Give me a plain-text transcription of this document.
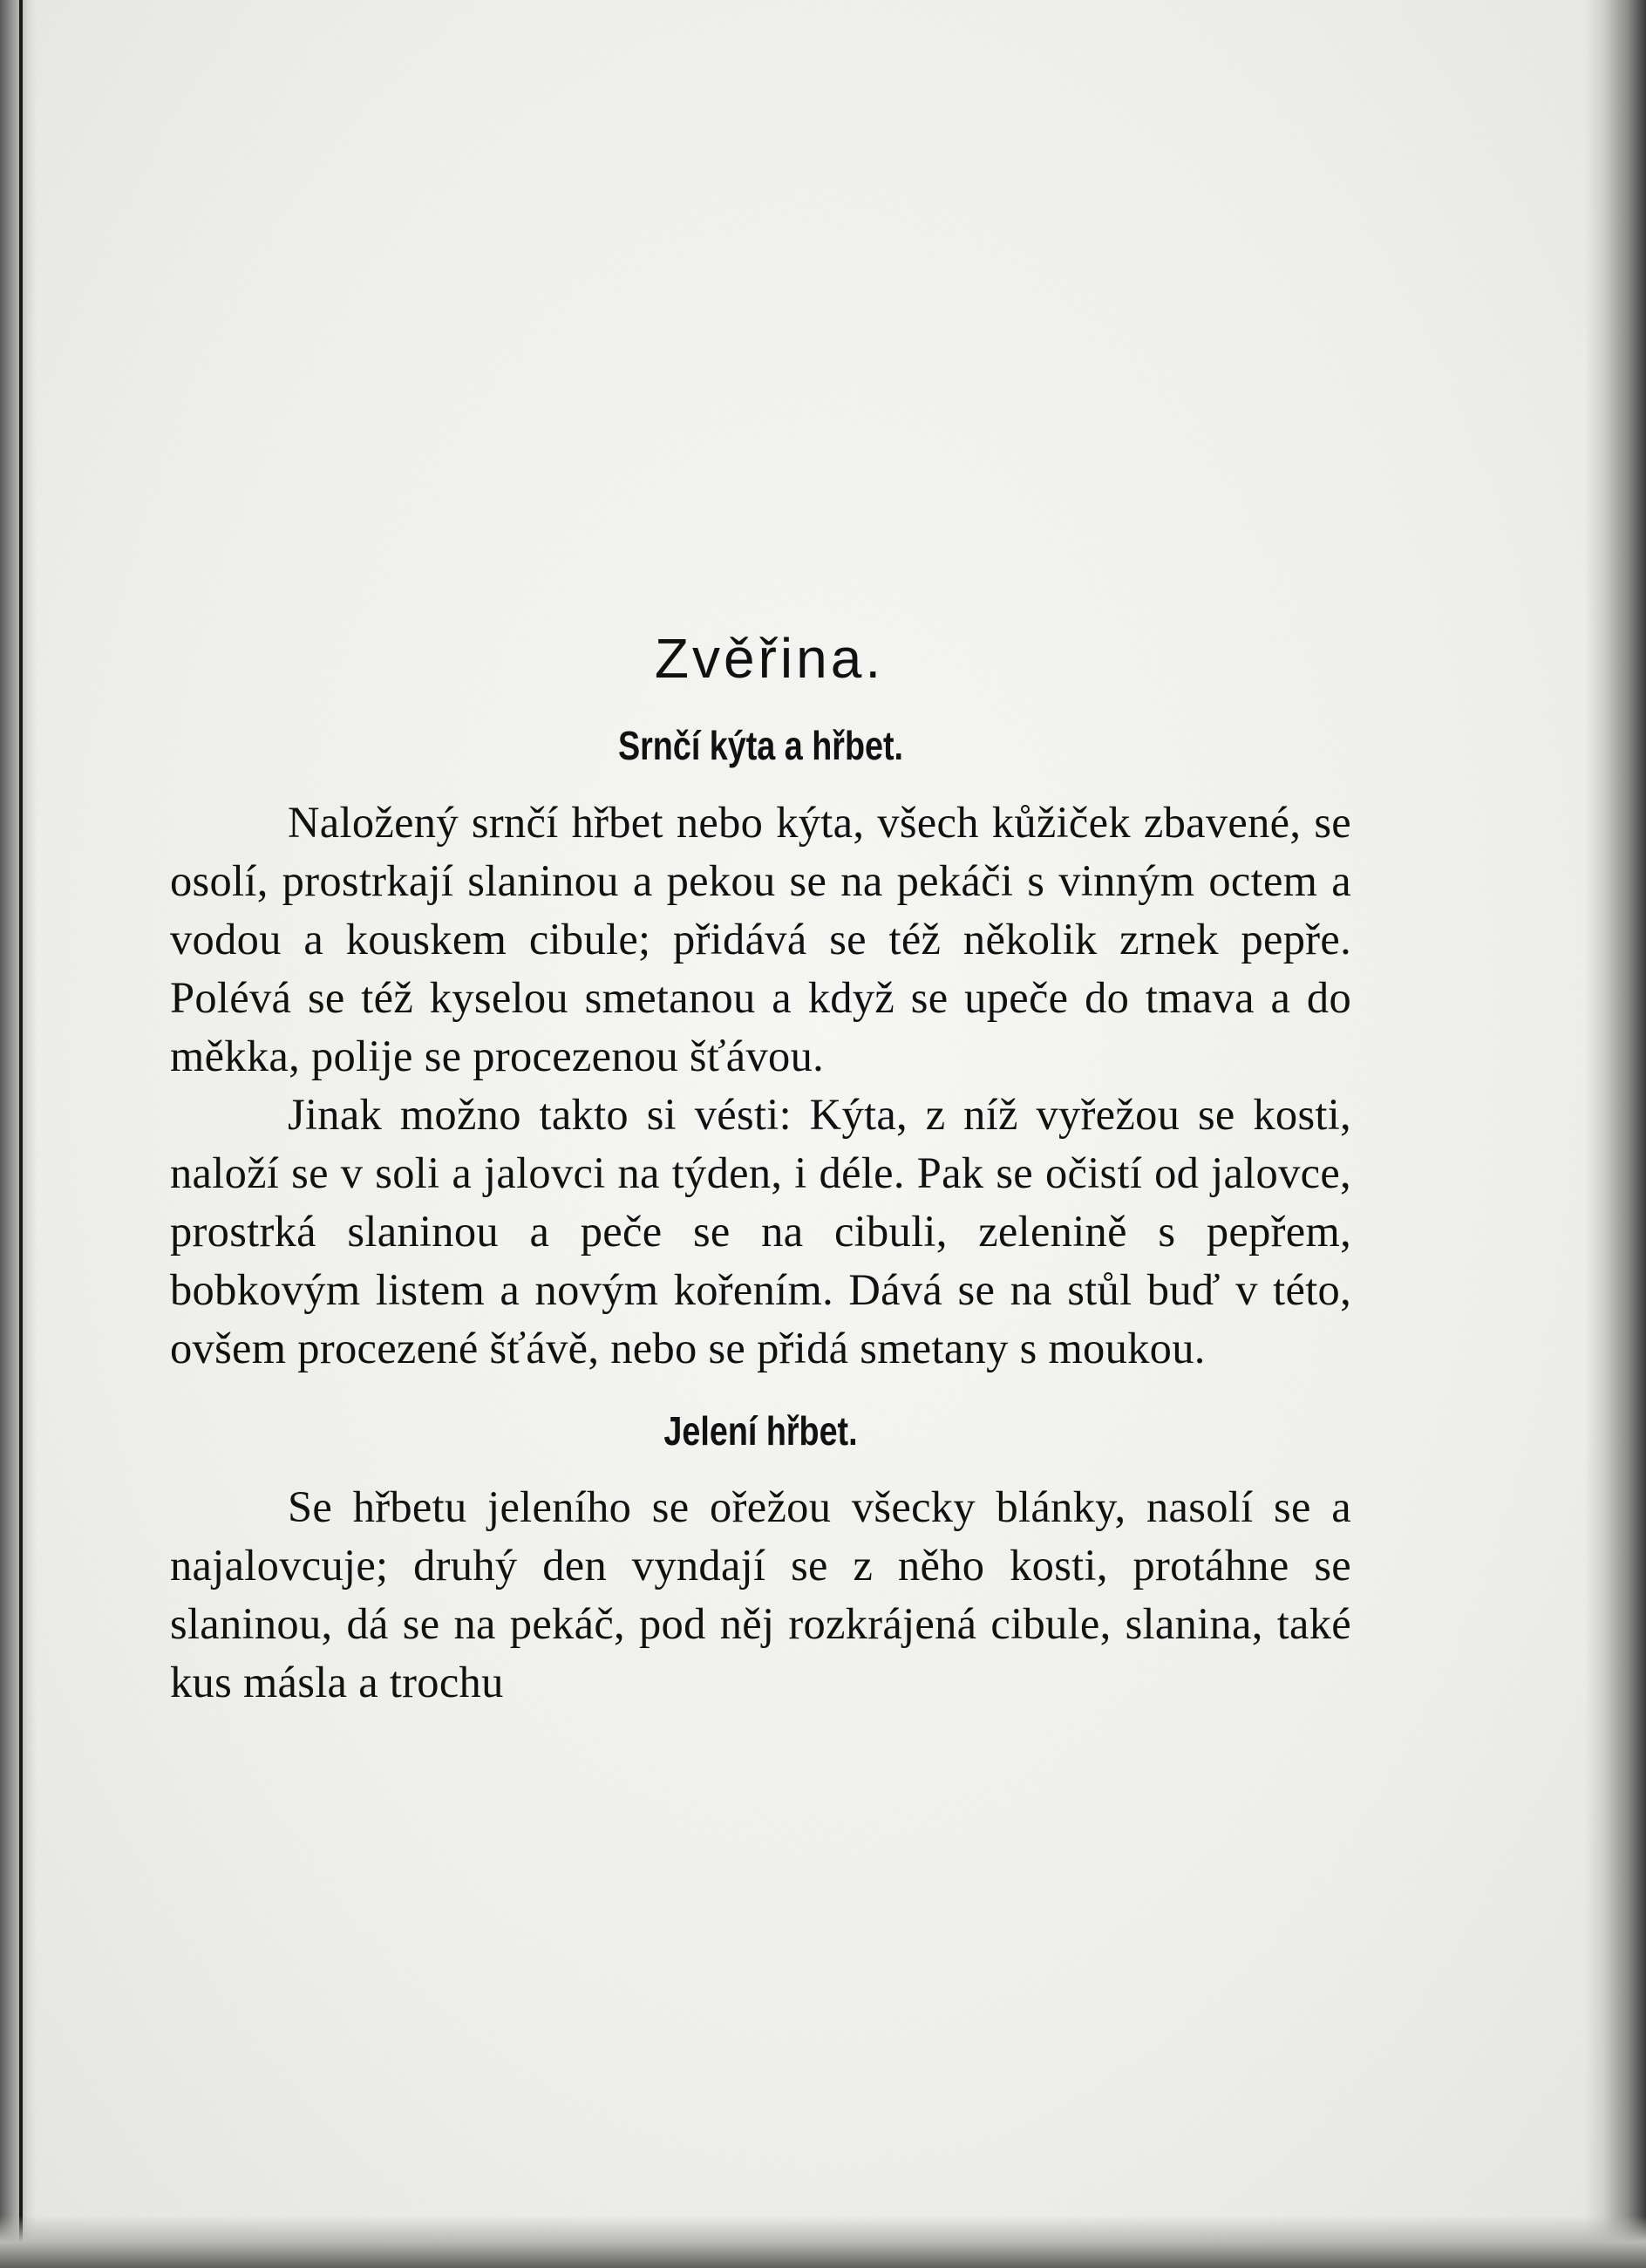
Zvěřina.
Srnčí kýta a hřbet.

Naložený srnčí hřbet nebo kýta, všech kůžiček zbavené, se osolí, prostrkají slaninou a pekou se na pekáči s vinným octem a vodou a kouskem cibule; přidává se též několik zrnek pepře. Polévá se též kyselou smetanou a když se upeče do tmava a do měkka, polije se procezenou šťávou.

Jinak možno takto si vésti: Kýta, z níž vyřežou se kosti, naloží se v soli a jalovci na týden, i déle. Pak se očistí od jalovce, prostrká slaninou a peče se na cibuli, zelenině s pepřem, bobkovým listem a novým kořením. Dává se na stůl buď v této, ovšem procezené šťávě, nebo se přidá smetany s moukou.

Jelení hřbet.

Se hřbetu jeleního se ořežou všecky blánky, nasolí se a najalovcuje; druhý den vyndají se z něho kosti, protáhne se slaninou, dá se na pekáč, pod něj rozkrájená cibule, slanina, také kus másla a trochu
